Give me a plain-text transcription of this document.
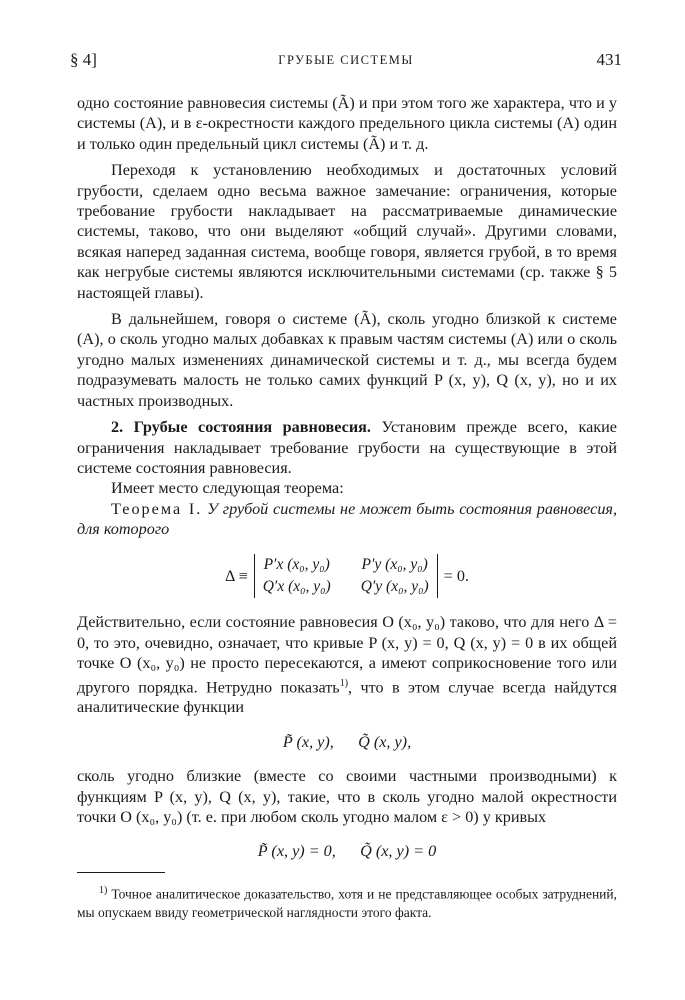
§ 4]	ГРУБЫЕ СИСТЕМЫ	431

одно состояние равновесия системы (Ã) и при этом того же характера, что и у системы (A), и в ε-окрестности каждого предельного цикла системы (A) один и только один предельный цикл системы (Ã) и т. д.

Переходя к установлению необходимых и достаточных условий грубости, сделаем одно весьма важное замечание: ограничения, которые требование грубости накладывает на рассматриваемые динамические системы, таково, что они выделяют «общий случай». Другими словами, всякая наперед заданная система, вообще говоря, является грубой, в то время как негрубые системы являются исключительными системами (ср. также § 5 настоящей главы).

В дальнейшем, говоря о системе (Ã), сколь угодно близкой к системе (A), о сколь угодно малых добавках к правым частям системы (A) или о сколь угодно малых изменениях динамической системы и т. д., мы всегда будем подразумевать малость не только самих функций P (x, y), Q (x, y), но и их частных производных.

2. Грубые состояния равновесия. Установим прежде всего, какие ограничения накладывает требование грубости на существующие в этой системе состояния равновесия.

Имеет место следующая теорема:

Теорема I. У грубой системы не может быть состояния равновесия, для которого

Δ ≡
P′x (x₀, y₀) P′y (x₀, y₀)
Q′x (x₀, y₀) Q′y (x₀, y₀)
= 0.

Действительно, если состояние равновесия O (x₀, y₀) таково, что для него Δ = 0, то это, очевидно, означает, что кривые P (x, y) = 0, Q (x, y) = 0 в их общей точке O (x₀, y₀) не просто пересекаются, а имеют соприкосновение того или другого порядка. Нетрудно показать$^{1)}$, что в этом случае всегда найдутся аналитические функции

P̃ (x, y),      Q̃ (x, y),

сколь угодно близкие (вместе со своими частными производными) к функциям P (x, y), Q (x, y), такие, что в сколь угодно малой окрестности точки O (x₀, y₀) (т. е. при любом сколь угодно малом ε > 0) у кривых

P̃ (x, y) = 0,      Q̃ (x, y) = 0

$^{1)}$ Точное аналитическое доказательство, хотя и не представляющее особых затруднений, мы опускаем ввиду геометрической наглядности этого факта.
